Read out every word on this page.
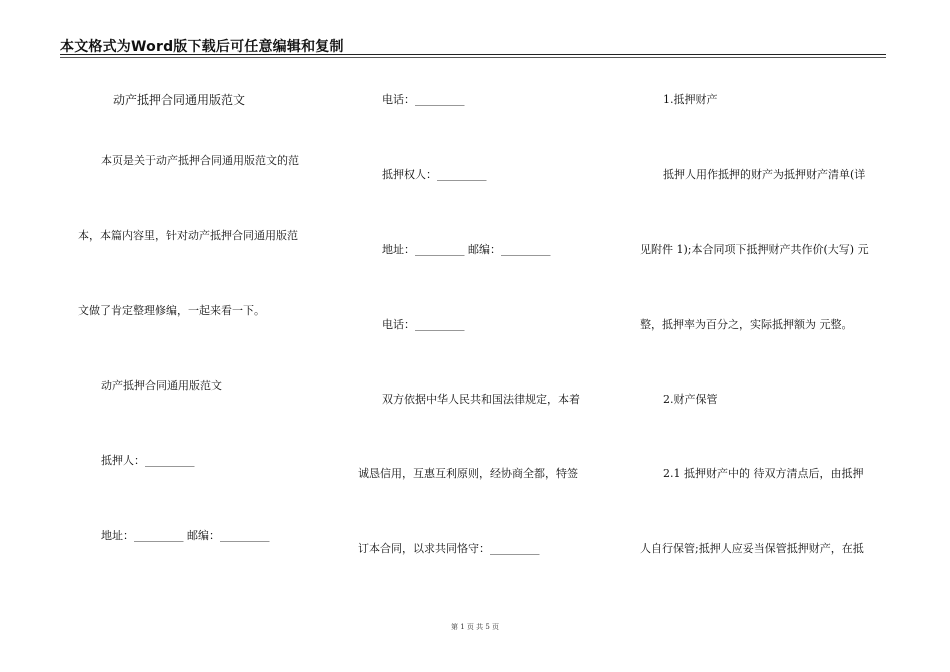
本文格式为Word版下载后可任意编辑和复制
动产抵押合同通用版范文
本页是关于动产抵押合同通用版范文的范
本，本篇内容里，针对动产抵押合同通用版范
文做了肯定整理修编，一起来看一下。
动产抵押合同通用版范文
抵押人：_________
地址：_________ 邮编：_________
电话：_________
抵押权人：_________
地址：_________ 邮编：_________
电话：_________
双方依据中华人民共和国法律规定，本着
诚恳信用，互惠互利原则，经协商全都，特签
订本合同，以求共同恪守：_________
1.抵押财产
抵押人用作抵押的财产为抵押财产清单(详
见附件 1);本合同项下抵押财产共作价(大写) 元
整，抵押率为百分之，实际抵押额为 元整。
2.财产保管
2.1 抵押财产中的 待双方清点后，由抵押
人自行保管;抵押人应妥当保管抵押财产，在抵
第 1 页 共 5 页
